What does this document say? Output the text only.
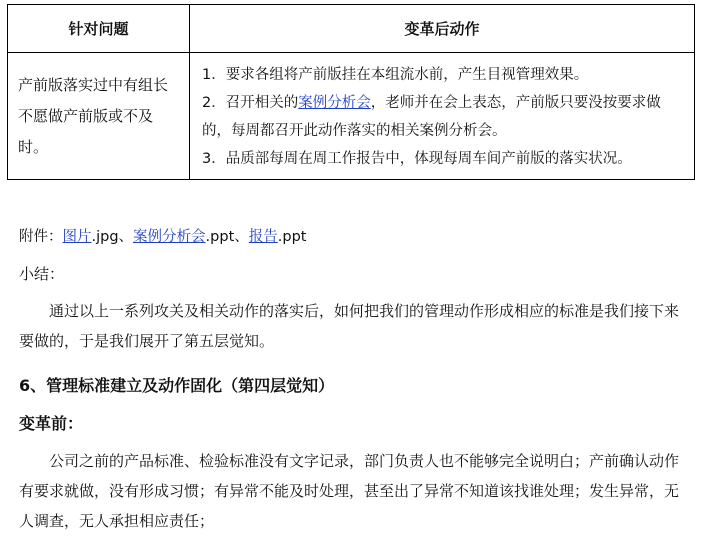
针对问题	变革后动作
产前版落实过中有组长不愿做产前版或不及时。	1．要求各组将产前版挂在本组流水前，产生目视管理效果。
2．召开相关的案例分析会，老师并在会上表态，产前版只要没按要求做的，每周都召开此动作落实的相关案例分析会。
3．品质部每周在周工作报告中，体现每周车间产前版的落实状况。
附件：图片.jpg、案例分析会.ppt、报告.ppt
小结：
通过以上一系列攻关及相关动作的落实后，如何把我们的管理动作形成相应的标准是我们接下来要做的，于是我们展开了第五层觉知。
6、管理标准建立及动作固化（第四层觉知）
变革前：
公司之前的产品标准、检验标准没有文字记录，部门负责人也不能够完全说明白；产前确认动作有要求就做，没有形成习惯；有异常不能及时处理，甚至出了异常不知道该找谁处理；发生异常，无人调查，无人承担相应责任；
